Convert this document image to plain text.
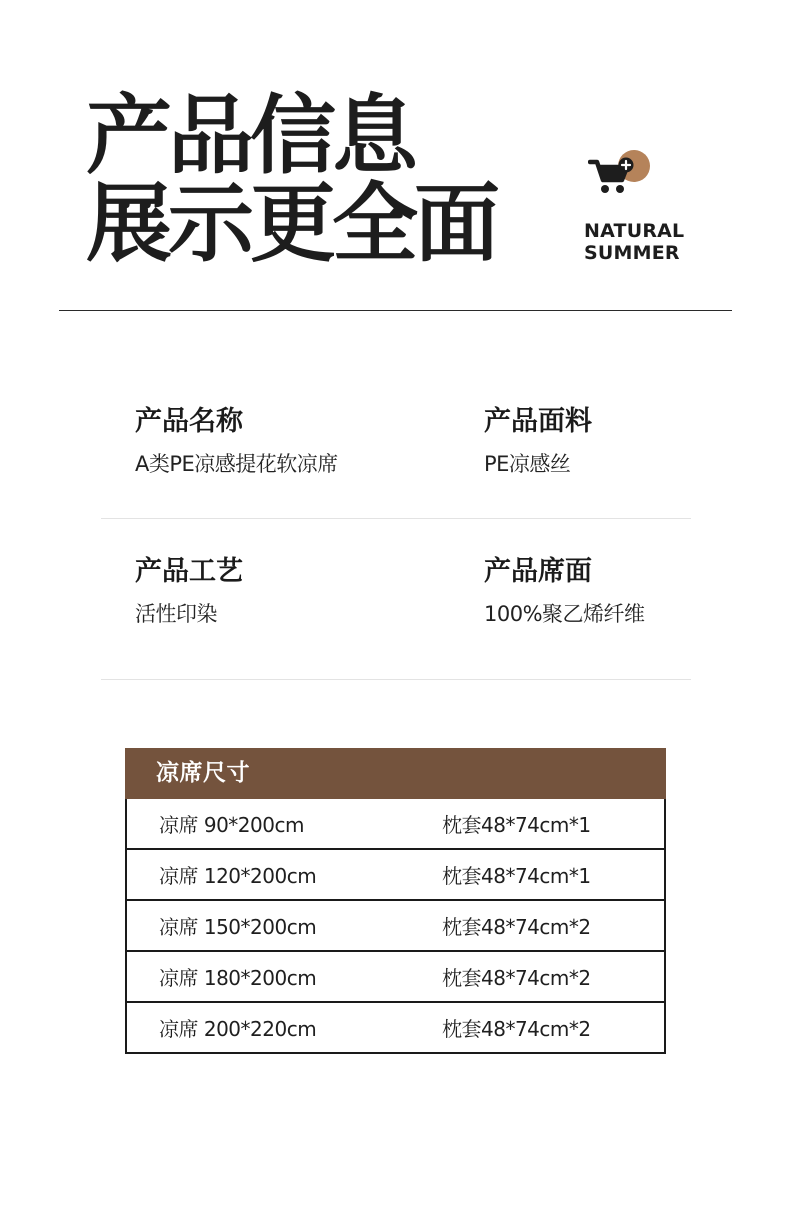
产品信息
展示更全面	NATURAL
SUMMER
产品名称
A类PE凉感提花软凉席
产品面料
PE凉感丝
产品工艺
活性印染
产品席面
100%聚乙烯纤维
凉席尺寸
凉席 90*200cm	枕套48*74cm*1
凉席 120*200cm	枕套48*74cm*1
凉席 150*200cm	枕套48*74cm*2
凉席 180*200cm	枕套48*74cm*2
凉席 200*220cm	枕套48*74cm*2
